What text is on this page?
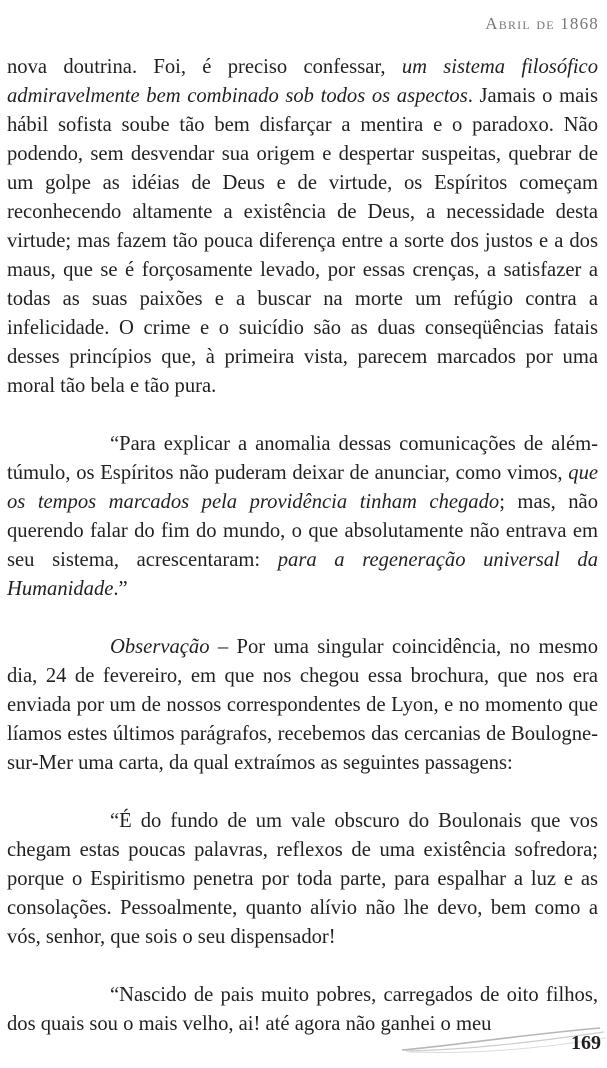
Abril de 1868

nova doutrina. Foi, é preciso confessar, um sistema filosófico admiravelmente bem combinado sob todos os aspectos. Jamais o mais hábil sofista soube tão bem disfarçar a mentira e o paradoxo. Não podendo, sem desvendar sua origem e despertar suspeitas, quebrar de um golpe as idéias de Deus e de virtude, os Espíritos começam reconhecendo altamente a existência de Deus, a necessidade desta virtude; mas fazem tão pouca diferença entre a sorte dos justos e a dos maus, que se é forçosamente levado, por essas crenças, a satisfazer a todas as suas paixões e a buscar na morte um refúgio contra a infelicidade. O crime e o suicídio são as duas conseqüências fatais desses princípios que, à primeira vista, parecem marcados por uma moral tão bela e tão pura.

“Para explicar a anomalia dessas comunicações de além-túmulo, os Espíritos não puderam deixar de anunciar, como vimos, que os tempos marcados pela providência tinham chegado; mas, não querendo falar do fim do mundo, o que absolutamente não entrava em seu sistema, acrescentaram: para a regeneração universal da Humanidade.”

Observação – Por uma singular coincidência, no mesmo dia, 24 de fevereiro, em que nos chegou essa brochura, que nos era enviada por um de nossos correspondentes de Lyon, e no momento que líamos estes últimos parágrafos, recebemos das cercanias de Boulogne-sur-Mer uma carta, da qual extraímos as seguintes passagens:

“É do fundo de um vale obscuro do Boulonais que vos chegam estas poucas palavras, reflexos de uma existência sofredora; porque o Espiritismo penetra por toda parte, para espalhar a luz e as consolações. Pessoalmente, quanto alívio não lhe devo, bem como a vós, senhor, que sois o seu dispensador!

“Nascido de pais muito pobres, carregados de oito filhos, dos quais sou o mais velho, ai! até agora não ganhei o meu

169
